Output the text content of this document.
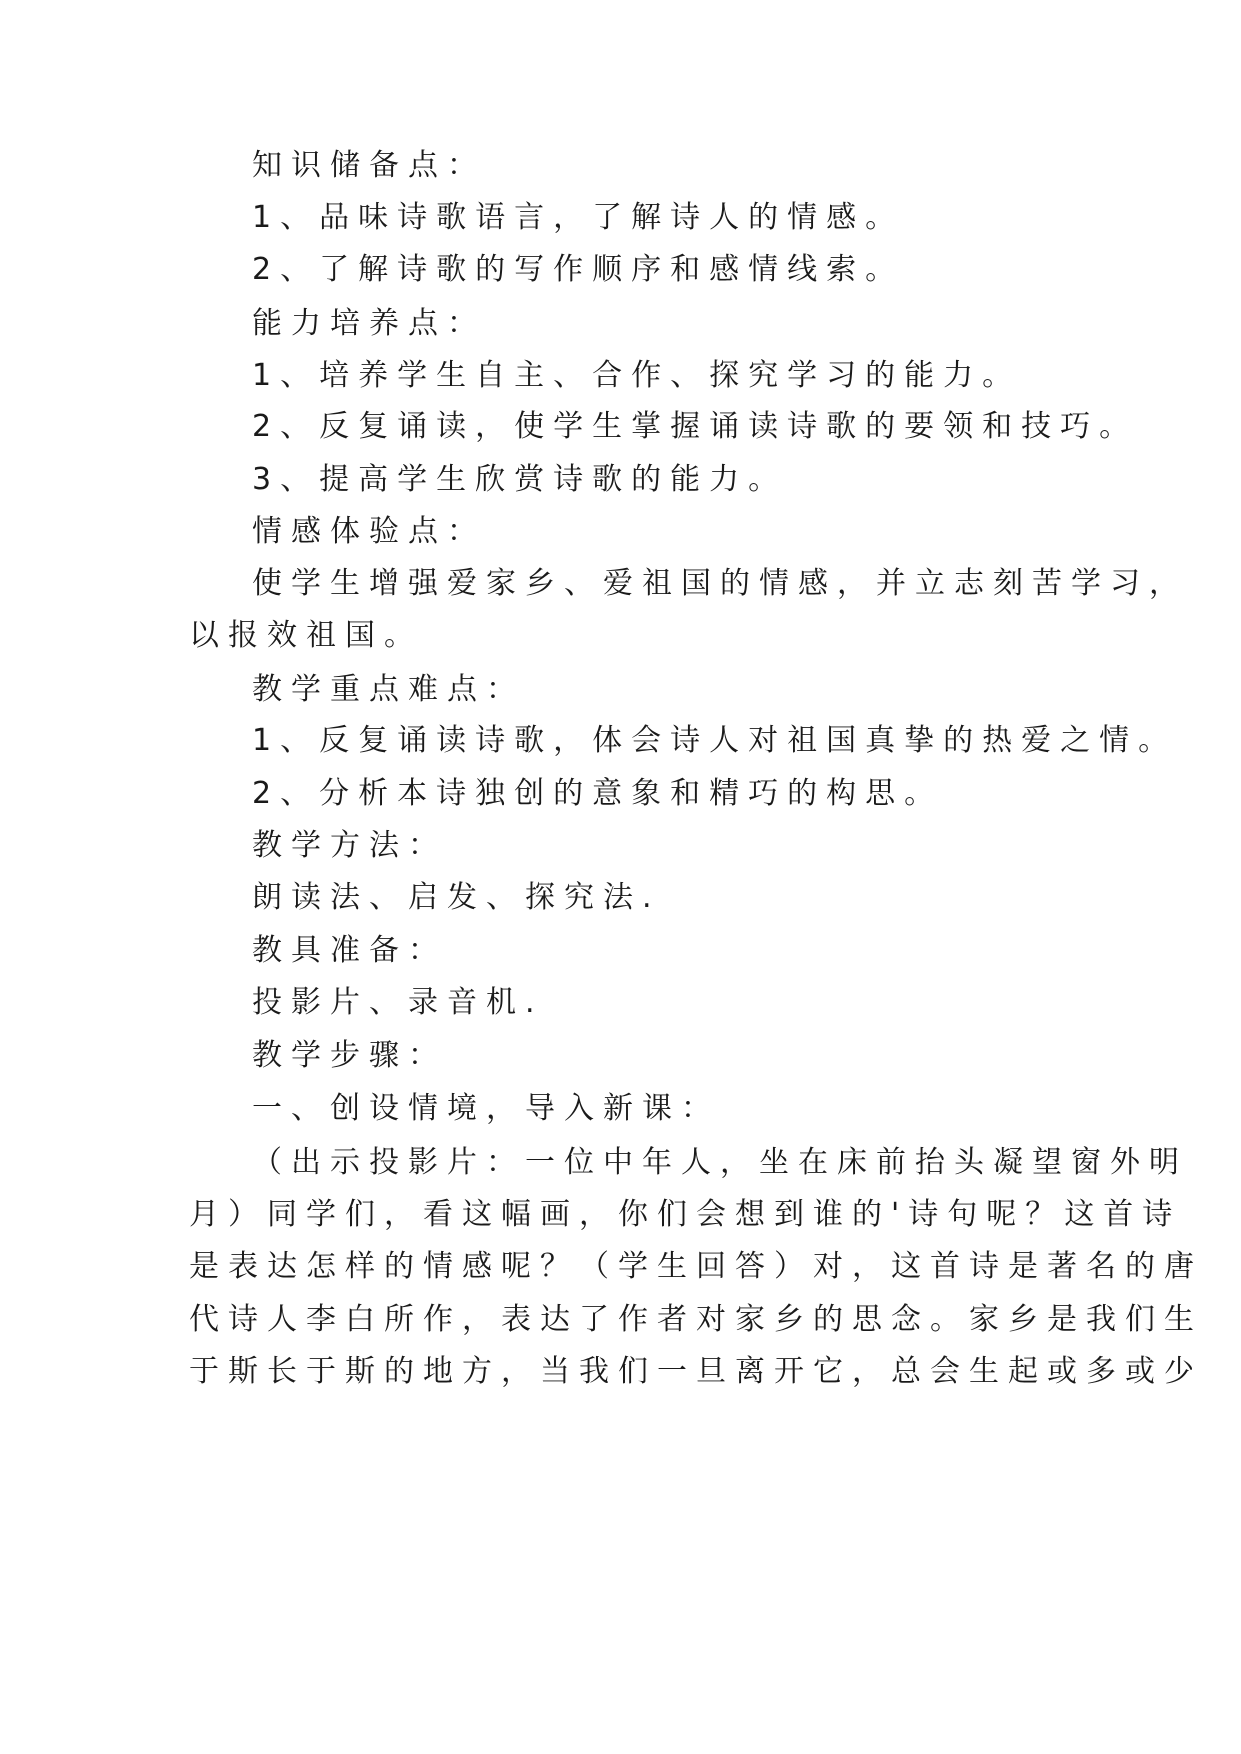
知识储备点：
1、品味诗歌语言，了解诗人的情感。
2、了解诗歌的写作顺序和感情线索。
能力培养点：
1、培养学生自主、合作、探究学习的能力。
2、反复诵读，使学生掌握诵读诗歌的要领和技巧。
3、提高学生欣赏诗歌的能力。
情感体验点：
使学生增强爱家乡、爱祖国的情感，并立志刻苦学习，
以报效祖国。
教学重点难点：
1、反复诵读诗歌，体会诗人对祖国真挚的热爱之情。
2、分析本诗独创的意象和精巧的构思。
教学方法：
朗读法、启发、探究法.
教具准备：
投影片、录音机.
教学步骤：
一、创设情境，导入新课：
（出示投影片：一位中年人，坐在床前抬头凝望窗外明
月）同学们，看这幅画，你们会想到谁的'诗句呢？这首诗
是表达怎样的情感呢？（学生回答）对，这首诗是著名的唐
代诗人李白所作，表达了作者对家乡的思念。家乡是我们生
于斯长于斯的地方，当我们一旦离开它，总会生起或多或少
